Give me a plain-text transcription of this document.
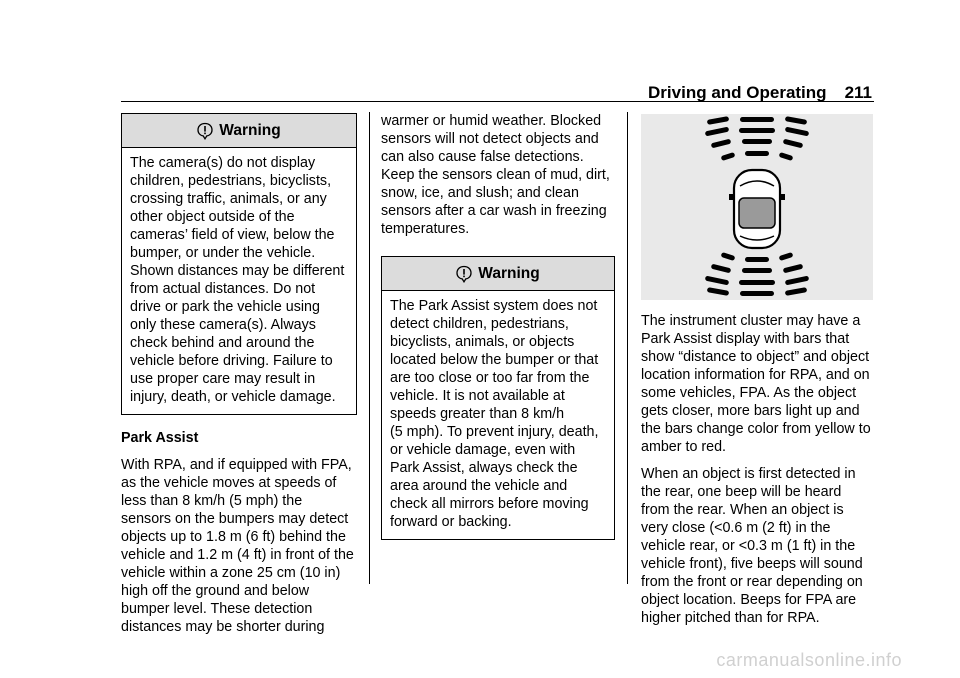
Driving and Operating 211
Warning
The camera(s) do not display
children, pedestrians, bicyclists,
crossing traffic, animals, or any
other object outside of the
cameras’ field of view, below the
bumper, or under the vehicle.
Shown distances may be different
from actual distances. Do not
drive or park the vehicle using
only these camera(s). Always
check behind and around the
vehicle before driving. Failure to
use proper care may result in
injury, death, or vehicle damage.
Park Assist
With RPA, and if equipped with FPA,
as the vehicle moves at speeds of
less than 8 km/h (5 mph) the
sensors on the bumpers may detect
objects up to 1.8 m (6 ft) behind the
vehicle and 1.2 m (4 ft) in front of the
vehicle within a zone 25 cm (10 in)
high off the ground and below
bumper level. These detection
distances may be shorter during
warmer or humid weather. Blocked
sensors will not detect objects and
can also cause false detections.
Keep the sensors clean of mud, dirt,
snow, ice, and slush; and clean
sensors after a car wash in freezing
temperatures.
Warning
The Park Assist system does not
detect children, pedestrians,
bicyclists, animals, or objects
located below the bumper or that
are too close or too far from the
vehicle. It is not available at
speeds greater than 8 km/h
(5 mph). To prevent injury, death,
or vehicle damage, even with
Park Assist, always check the
area around the vehicle and
check all mirrors before moving
forward or backing.
The instrument cluster may have a
Park Assist display with bars that
show “distance to object” and object
location information for RPA, and on
some vehicles, FPA. As the object
gets closer, more bars light up and
the bars change color from yellow to
amber to red.
When an object is first detected in
the rear, one beep will be heard
from the rear. When an object is
very close (<0.6 m (2 ft) in the
vehicle rear, or <0.3 m (1 ft) in the
vehicle front), five beeps will sound
from the front or rear depending on
object location. Beeps for FPA are
higher pitched than for RPA.
carmanualsonline.info
